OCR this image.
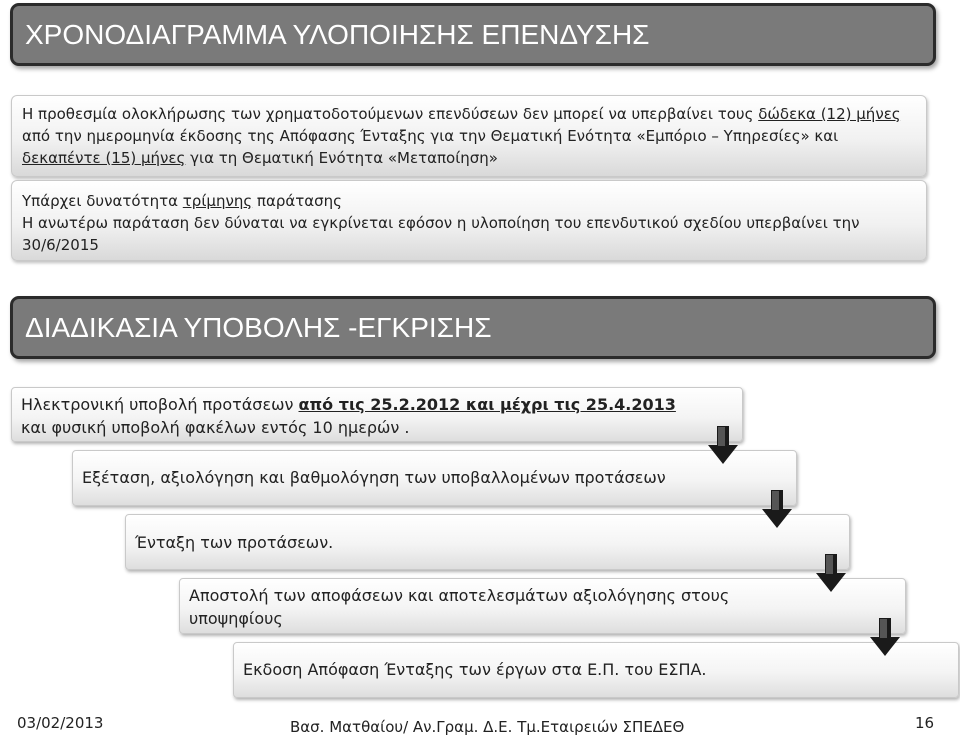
ΧΡΟΝΟΔΙΑΓΡΑΜΜΑ ΥΛΟΠΟΙΗΣΗΣ ΕΠΕΝΔΥΣΗΣ
Η προθεσμία ολοκλήρωσης των χρηματοδοτούμενων επενδύσεων δεν μπορεί να υπερβαίνει τους δώδεκα (12) μήνες από την ημερομηνία έκδοσης της Απόφασης Ένταξης για την Θεματική Ενότητα «Εμπόριο – Υπηρεσίες» και δεκαπέντε (15) μήνες για τη Θεματική Ενότητα «Μεταποίηση»
Υπάρχει δυνατότητα τρίμηνης παράτασης
Η ανωτέρω παράταση δεν δύναται να εγκρίνεται εφόσον η υλοποίηση του επενδυτικού σχεδίου υπερβαίνει την 30/6/2015
ΔΙΑΔΙΚΑΣΙΑ ΥΠΟΒΟΛΗΣ -ΕΓΚΡΙΣΗΣ
Ηλεκτρονική υποβολή προτάσεων από τις 25.2.2012 και μέχρι τις 25.4.2013
και φυσική υποβολή φακέλων εντός 10 ημερών .
Εξέταση, αξιολόγηση και βαθμολόγηση των υποβαλλομένων προτάσεων
Ένταξη των προτάσεων.
Αποστολή των αποφάσεων και αποτελεσμάτων αξιολόγησης στους υποψηφίους
Εκδοση Απόφαση Ένταξης των έργων στα Ε.Π. του ΕΣΠΑ.
03/02/2013	Βασ. Ματθαίου/ Αν.Γραμ. Δ.Ε. Τμ.Εταιρειών ΣΠΕΔΕΘ	16
